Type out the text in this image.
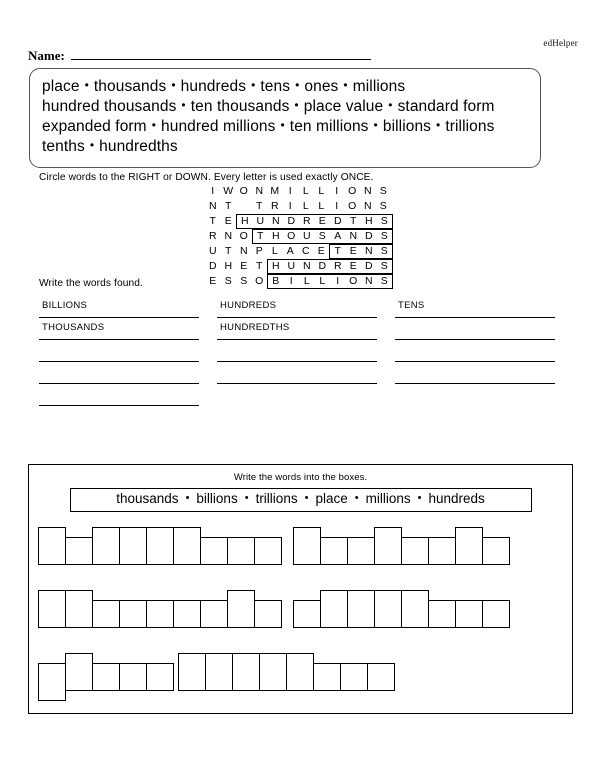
edHelper
Name:
place • thousands • hundreds • tens • ones • millions
hundred thousands • ten thousands • place value • standard form
expanded form • hundred millions • ten millions • billions • trillions
tenths • hundredths
Circle words to the RIGHT or DOWN. Every letter is used exactly ONCE.
I W O N M I L L I O N S
N T T R I L L I O N S
T E H U N D R E D T H S
R N O T H O U S A N D S
U T N P L A C E T E N S
D H E T H U N D R E D S
E S S O B I L L I O N S
Write the words found.
BILLIONS
THOUSANDS
HUNDREDS
HUNDREDTHS
TENS
Write the words into the boxes.
thousands • billions • trillions • place • millions • hundreds
